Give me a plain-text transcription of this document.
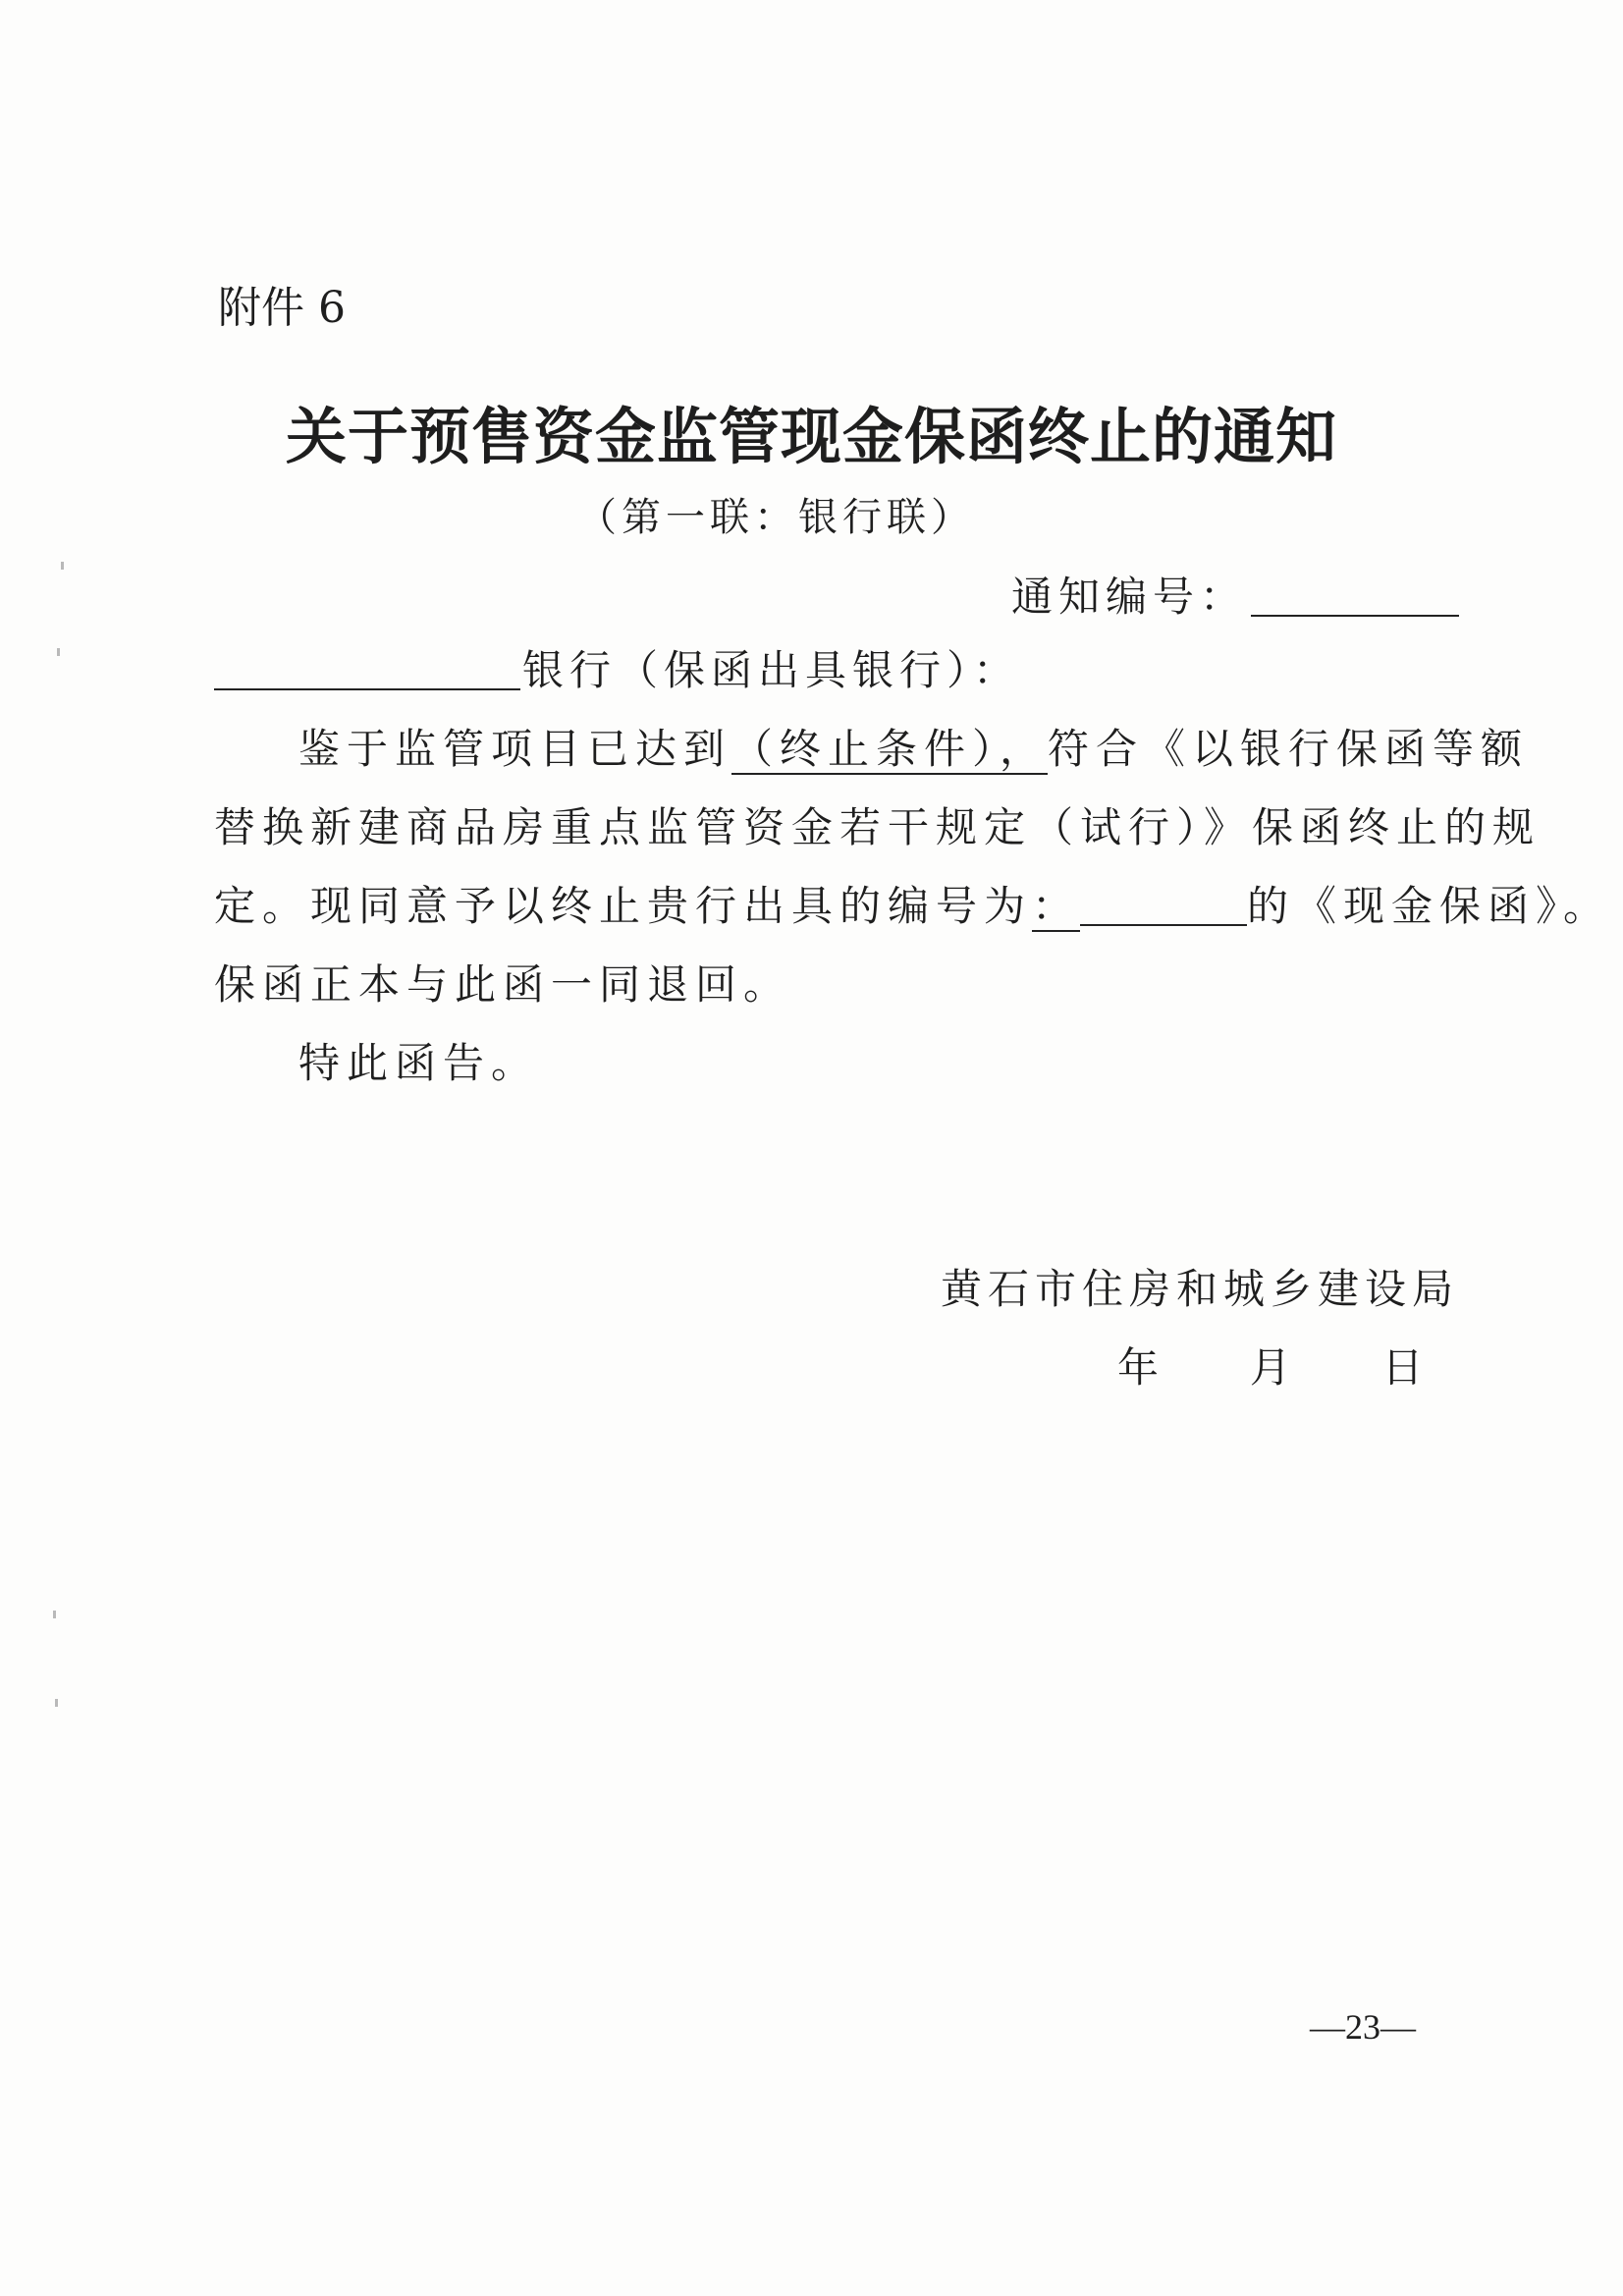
附件 6
关于预售资金监管现金保函终止的通知
（第一联：银行联）
通知编号：
银行（保函出具银行）：
鉴于监管项目已达到（终止条件），符合《以银行保函等额
替换新建商品房重点监管资金若干规定（试行）》保函终止的规
定。现同意予以终止贵行出具的编号为：	的《现金保函》。
保函正本与此函一同退回。
特此函告。
黄石市住房和城乡建设局
年 月 日
—23—
